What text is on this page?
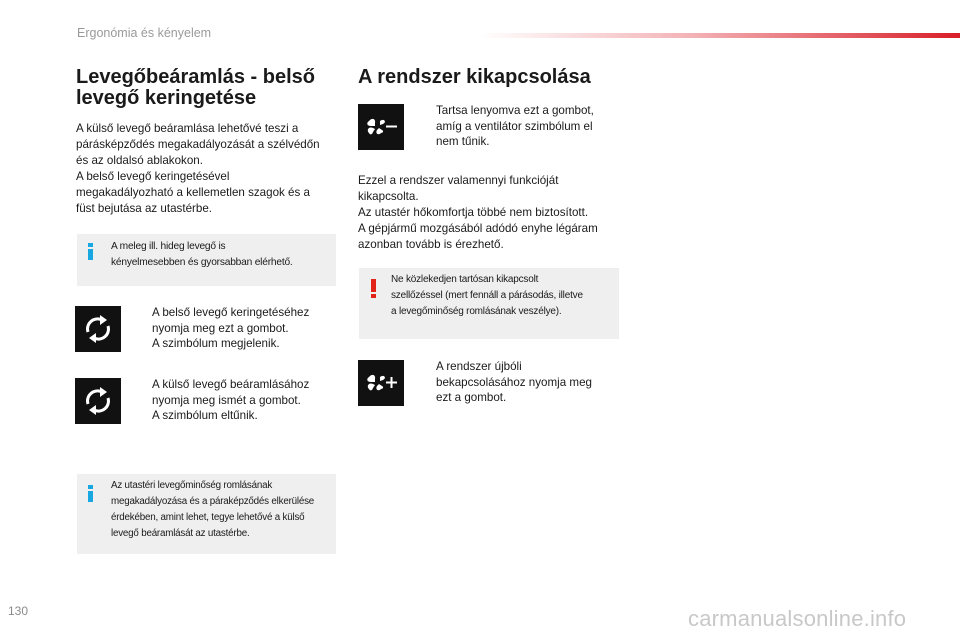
Ergonómia és kényelem
Levegőbeáramlás - belső
levegő keringetése

A külső levegő beáramlása lehetővé teszi a
párásképződés megakadályozását a szélvédőn
és az oldalsó ablakokon.
A belső levegő keringetésével
megakadályozható a kellemetlen szagok és a
füst bejutása az utastérbe.

A meleg ill. hideg levegő is
kényelmesebben és gyorsabban elérhető.
A belső levegő keringetéséhez
nyomja meg ezt a gombot.
A szimbólum megjelenik.
A külső levegő beáramlásához
nyomja meg ismét a gombot.
A szimbólum eltűnik.
Az utastéri levegőminőség romlásának
megakadályozása és a páraképződés elkerülése
érdekében, amint lehet, tegye lehetővé a külső
levegő beáramlását az utastérbe.
A rendszer kikapcsolása
Tartsa lenyomva ezt a gombot,
amíg a ventilátor szimbólum el
nem tűnik.

Ezzel a rendszer valamennyi funkcióját
kikapcsolta.
Az utastér hőkomfortja többé nem biztosított.
A gépjármű mozgásából adódó enyhe légáram
azonban tovább is érezhető.

Ne közlekedjen tartósan kikapcsolt
szellőzéssel (mert fennáll a párásodás, illetve
a levegőminőség romlásának veszélye).
A rendszer újbóli
bekapcsolásához nyomja meg
ezt a gombot.
130	carmanualsonline.info
